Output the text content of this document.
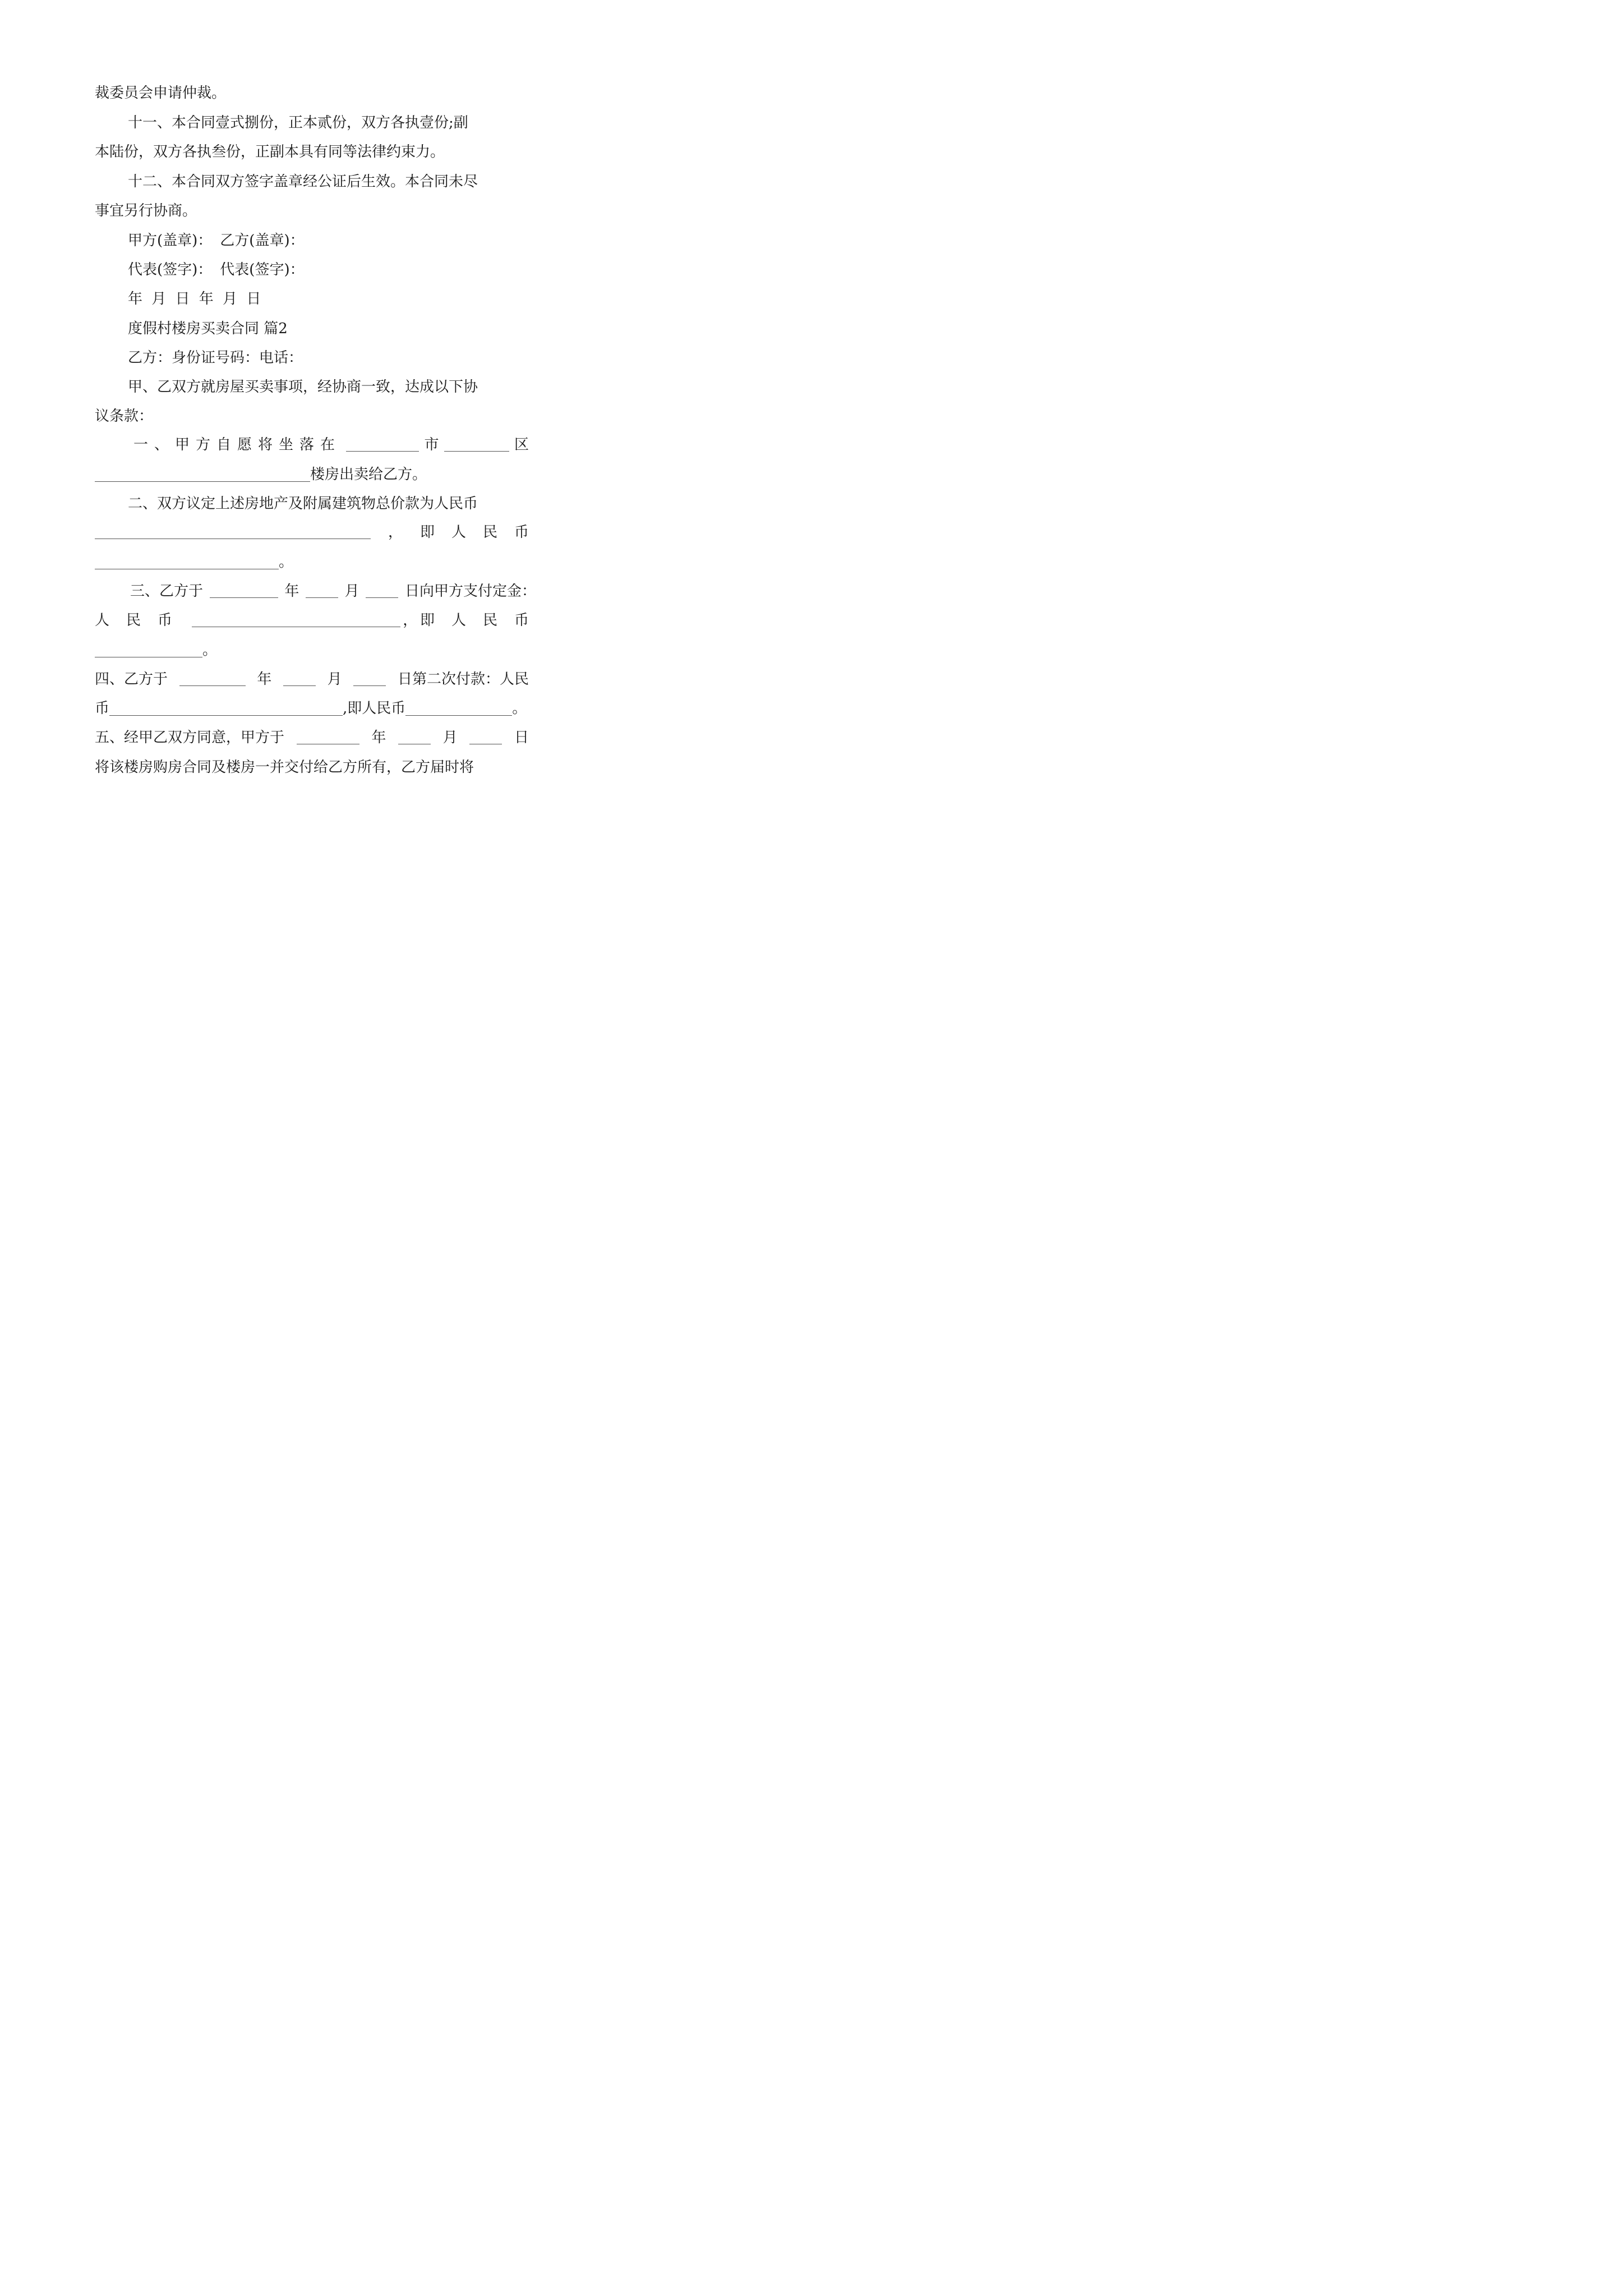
裁委员会申请仲裁。
十一、本合同壹式捌份，正本贰份，双方各执壹份;副
本陆份，双方各执叁份，正副本具有同等法律约束力。
十二、本合同双方签字盖章经公证后生效。本合同未尽
事宜另行协商。
甲方(盖章)： 乙方(盖章)：
代表(签字)： 代表(签字)：
年 月 日 年 月 日
度假村楼房买卖合同 篇2
乙方：身份证号码：电话：
甲、乙双方就房屋买卖事项，经协商一致，达成以下协
议条款：
一、甲方自愿将坐落在	市	区
楼房出卖给乙方。
二、双方议定上述房地产及附属建筑物总价款为人民币
， 即人民币
。
三、乙方于	年	月	日向甲方支付定金：
人民币	， 即人民币
。
四、乙方于	年	月	日第二次付款：人民
币	,即人民币	。
五、经甲乙双方同意，甲方于	年	月	日
将该楼房购房合同及楼房一并交付给乙方所有，乙方届时将
